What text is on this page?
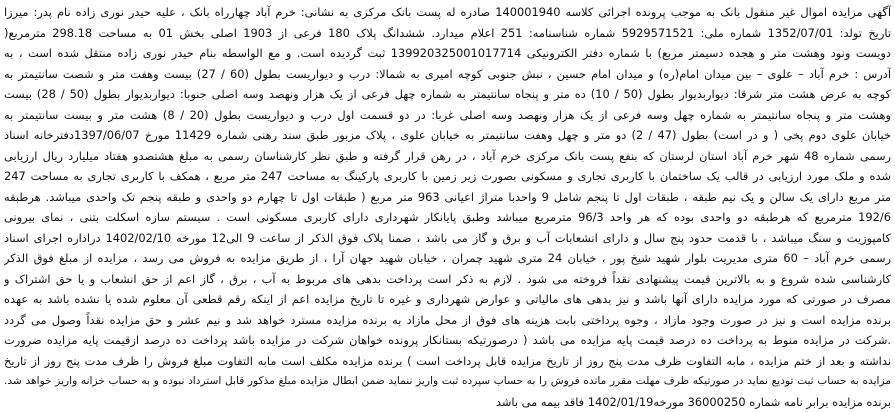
آگهی مزایده اموال غیر منقول بانک به موجب پرونده اجرائی کلاسه 140001940 صادره له پست بانک مرکزی به نشانی: خرم آباد چهارراه بانک ، علیه حیدر نوری زاده نام پدر: میرزا
تاریخ تولد: 1352/07/01 شماره ملی: 5929571521 شماره شناسنامه: 251 اعلام میدارد. ششدانگ پلاک 180 فرعی از 1903 اصلی بخش 01 به مساحت 298.18 مترمربع(
دویست ونود وهشت متر و هجده دسیمتر مربع) با شماره دفتر الکترونیکی 139920325001017714 ثبت گردیده است. و مع الواسطه بنام حیدر نوری زاده منتقل شده است ، به
آدرس : خرم آباد – علوی – بین میدان امام(ره) و میدان امام حسین ، نبش جنوبی کوچه امیری به شمالا: درب و دیواریست بطول (60 / 27) بیست وهفت متر و شصت سانتیمتر به
کوچه به عرض هشت متر شرقا: دیواربدیوار بطول (50 / 10) ده متر و پنجاه سانتیمتر به شماره چهل فرعی از یک هزار ونهصد وسه اصلی جنوبا: دیواربدیوار بطول (50 / 28) بیست
وهشت متر و پنجاه سانتیمتر به شماره چهل وسه فرعی از یک هزار ونهصد وسه اصلی غربا: در دو قسمت اول درب و دیواریست بطول (20 / 8) هشت متر و بیست سانتیمتر به
خیابان علوی دوم پخی ( و در است) بطول (47 / 2) دو متر و چهل وهفت سانتیمتر به خیابان علوی ، پلاک مزبور طبق سند رهنی شماره 11429 مورخ 1397/06/07دفترخانه اسناد
رسمی شماره 48 شهر خرم آباد استان لرستان که بنفع پست بانک مرکزی خرم آباد ، در رهن قرار گرفته و طبق نظر کارشناسان رسمی به مبلغ هشتصدو هفتاد میلیارد ریال ارزیابی
شده و ملک مورد ارزیابی در قالب یک ساختمان با کاربری تجاری و مسکونی بصورت زیر زمین با کاربری پارکینگ به مساحت 247 متر مربع ، همکف با کاربری تجاری به مساحت 247
متر مربع دارای یک سالن و یک نیم طبقه ، طبقات اول تا پنجم شامل 9 واحدبا متراژ اعیانی 963 متر مربع ( طبقات اول تا چهارم دو واحدی و طبقه پنجم تک واحدی میباشد. هرطبقه
192/6 مترمربع که هرطبقه دو واحدی بوده که هر واحد 96/3 مترمربع میباشد وطبق پایانکار شهرداری دارای کاربری مسکونی است . سیستم سازه اسکلت بتنی ، نمای بیرونی
کامپوزیت و سنگ میباشد ، با قدمت حدود پنج سال و دارای انشعابات آب و برق و گاز می باشد ، ضمنا پلاک فوق الذکر از ساعت 9 الی12 مورخه 1402/02/10 دراداره اجرای اسناد
رسمی خرم آباد – 60 متری مدیریت بلوار شهید شیخ پور ، خیابان 24 متری شهید چمران ، خیابان شهید جهان آرا ، از طریق مزایده به فروش می رسد ، مزایده از مبلغ فوق الذکر
کارشناسی شده شروع و به بالاترین قیمت پیشنهادی نقداً فروخته می شود . لازم به ذکر است پرداخت بدهی های مربوط به آب ، برق ، گاز اعم از حق انشعاب و یا حق اشتراک و
مصرف در صورتی که مورد مزایده دارای آنها باشد و نیز بدهی های مالیاتی و عوارض شهرداری و غیره تا تاریخ مزایده اعم از اینکه رقم قطعی آن معلوم شده یا نشده باشد به عهده
برنده مزایده است و نیز در صورت وجود مازاد ، وجوه پرداختی بابت هزینه های فوق از محل مازاد به برنده مزایده مسترد خواهد شد و نیم عشر و حق مزایده نقداً وصول می گردد
.شرکت در مزایده منوط به پرداخت ده درصد قیمت پایه مزایده می باشد ( درصورتیکه بستانکار پرونده خواهان شرکت در مزایده باشد پرداخت ده درصد ازقیمت پایه مزایده ضرورت
نداشته و بعد از ختم مزایده ، مابه التفاوت ظرف مدت پنج روز از تاریخ مزایده قابل پرداخت است ) برنده مزایده مکلف است مابه التفاوت مبلغ فروش را ظرف مدت پنج روز از تاریخ
مزایده به حساب ثبت تودیع نماید در صورتیکه ظرف مهلت مقرر مانده فروش را به حساب سپرده ثبت واریز ننماید ضمن ابطال مزایده مبلغ مذکور قابل استرداد نبوده و به حساب خزانه واریز خواهد شد.
برنده مزایده برابر نامه شماره 36000250 مورخه1402/01/19 فاقد بیمه می باشد
